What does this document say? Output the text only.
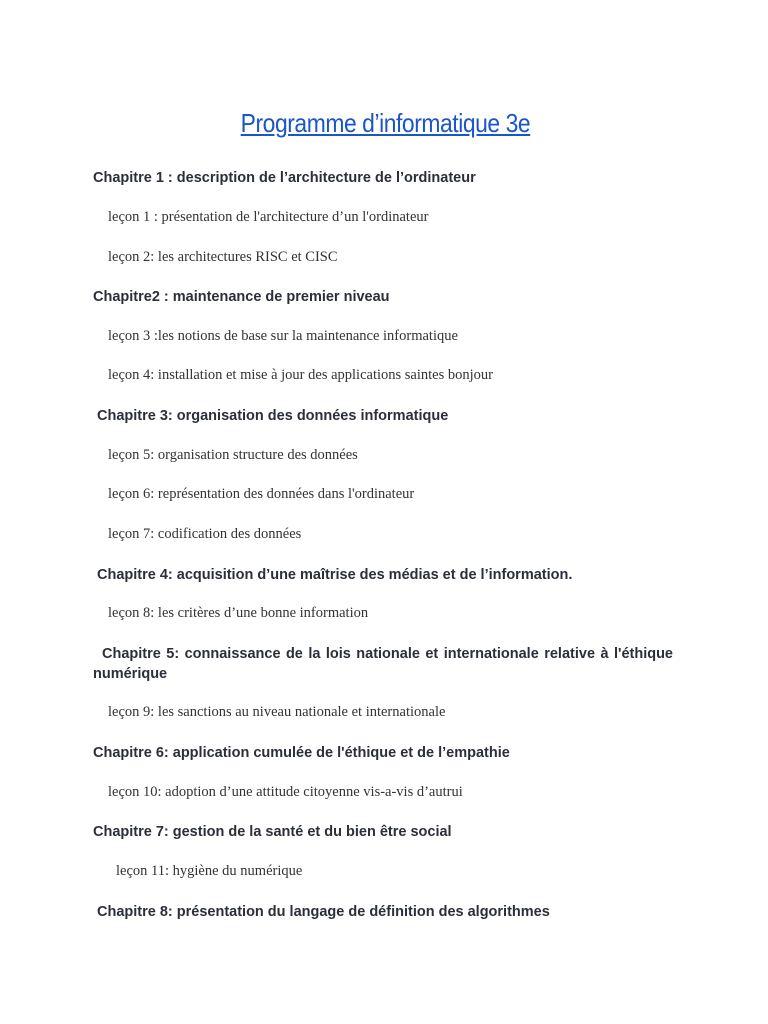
Programme d’informatique 3e
Chapitre 1 : description de l’architecture de l’ordinateur
leçon 1 : présentation de l'architecture d’un l'ordinateur
leçon 2: les architectures RISC et CISC
Chapitre2 : maintenance de premier niveau
leçon 3 :les notions de base sur la maintenance informatique
leçon 4: installation et mise à jour des applications saintes bonjour
Chapitre 3: organisation des données informatique
leçon 5: organisation structure des données
leçon 6: représentation des données dans l'ordinateur
leçon 7: codification des données
Chapitre 4: acquisition d’une maîtrise des médias et de l’information.
leçon 8: les critères d’une bonne information
Chapitre 5: connaissance de la lois nationale et internationale relative à l'éthique numérique
leçon 9: les sanctions au niveau nationale et internationale
Chapitre 6: application cumulée de l'éthique et de l’empathie
leçon 10: adoption d’une attitude citoyenne vis-a-vis d’autrui
Chapitre 7: gestion de la santé et du bien être social
leçon 11: hygiène du numérique
Chapitre 8: présentation du langage de définition des algorithmes
